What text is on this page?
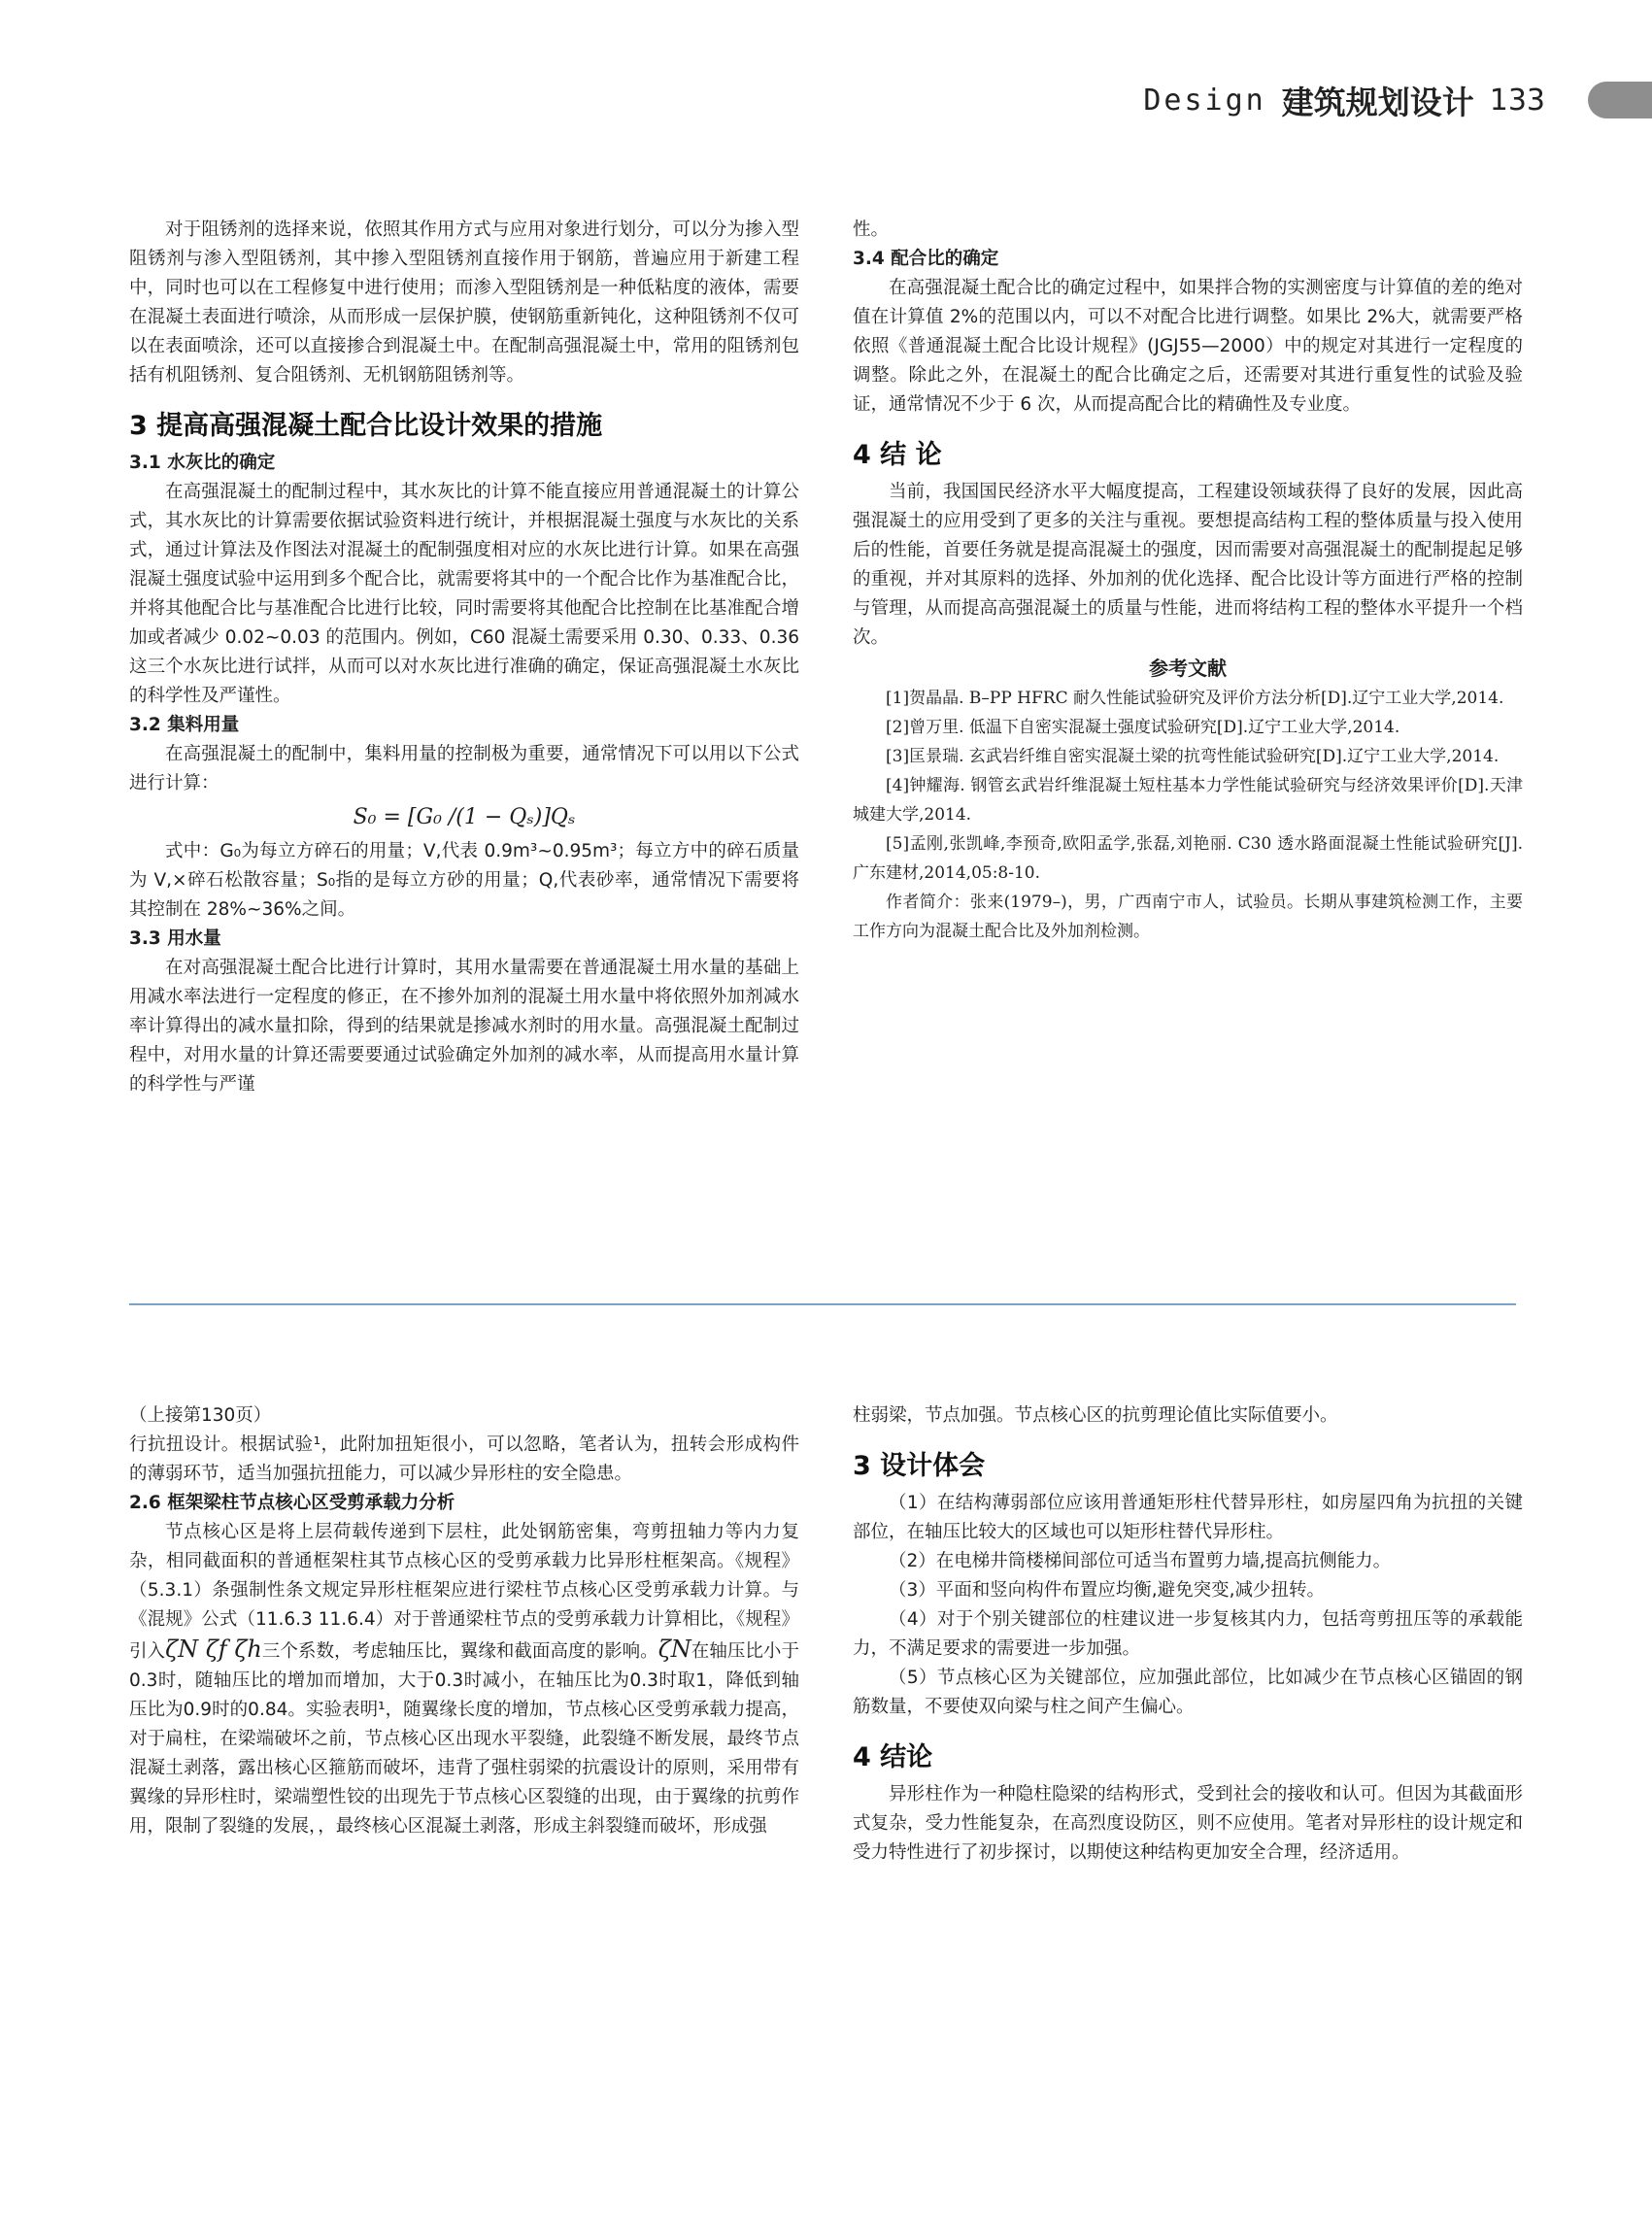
Design 建筑规划设计 133

对于阻锈剂的选择来说，依照其作用方式与应用对象进行划分，可以分为掺入型阻锈剂与渗入型阻锈剂，其中掺入型阻锈剂直接作用于钢筋，普遍应用于新建工程中，同时也可以在工程修复中进行使用；而渗入型阻锈剂是一种低粘度的液体，需要在混凝土表面进行喷涂，从而形成一层保护膜，使钢筋重新钝化，这种阻锈剂不仅可以在表面喷涂，还可以直接掺合到混凝土中。在配制高强混凝土中，常用的阻锈剂包括有机阻锈剂、复合阻锈剂、无机钢筋阻锈剂等。

3 提高高强混凝土配合比设计效果的措施
3.1 水灰比的确定

在高强混凝土的配制过程中，其水灰比的计算不能直接应用普通混凝土的计算公式，其水灰比的计算需要依据试验资料进行统计，并根据混凝土强度与水灰比的关系式，通过计算法及作图法对混凝土的配制强度相对应的水灰比进行计算。如果在高强混凝土强度试验中运用到多个配合比，就需要将其中的一个配合比作为基准配合比，并将其他配合比与基准配合比进行比较，同时需要将其他配合比控制在比基准配合增加或者减少 0.02~0.03 的范围内。例如，C60 混凝土需要采用 0.30、0.33、0.36 这三个水灰比进行试拌，从而可以对水灰比进行准确的确定，保证高强混凝土水灰比的科学性及严谨性。

3.2 集料用量

在高强混凝土的配制中，集料用量的控制极为重要，通常情况下可以用以下公式进行计算：

S₀ = [G₀ /(1 − Qₛ)]Qₛ

式中：G₀为每立方碎石的用量；V,代表 0.9m³~0.95m³；每立方中的碎石质量为 V,×碎石松散容量；S₀指的是每立方砂的用量；Q,代表砂率，通常情况下需要将其控制在 28%~36%之间。

3.3 用水量

在对高强混凝土配合比进行计算时，其用水量需要在普通混凝土用水量的基础上用减水率法进行一定程度的修正，在不掺外加剂的混凝土用水量中将依照外加剂减水率计算得出的减水量扣除，得到的结果就是掺减水剂时的用水量。高强混凝土配制过程中，对用水量的计算还需要要通过试验确定外加剂的减水率，从而提高用水量计算的科学性与严谨

性。

3.4 配合比的确定

在高强混凝土配合比的确定过程中，如果拌合物的实测密度与计算值的差的绝对值在计算值 2%的范围以内，可以不对配合比进行调整。如果比 2%大，就需要严格依照《普通混凝土配合比设计规程》(JGJ55—2000）中的规定对其进行一定程度的调整。除此之外，在混凝土的配合比确定之后，还需要对其进行重复性的试验及验证，通常情况不少于 6 次，从而提高配合比的精确性及专业度。

4 结 论

当前，我国国民经济水平大幅度提高，工程建设领域获得了良好的发展，因此高强混凝土的应用受到了更多的关注与重视。要想提高结构工程的整体质量与投入使用后的性能，首要任务就是提高混凝土的强度，因而需要对高强混凝土的配制提起足够的重视，并对其原料的选择、外加剂的优化选择、配合比设计等方面进行严格的控制与管理，从而提高高强混凝土的质量与性能，进而将结构工程的整体水平提升一个档次。

参考文献

[1]贺晶晶. B–PP HFRC 耐久性能试验研究及评价方法分析[D].辽宁工业大学,2014.

[2]曾万里. 低温下自密实混凝土强度试验研究[D].辽宁工业大学,2014.

[3]匡景瑞. 玄武岩纤维自密实混凝土梁的抗弯性能试验研究[D].辽宁工业大学,2014.

[4]钟耀海. 钢管玄武岩纤维混凝土短柱基本力学性能试验研究与经济效果评价[D].天津城建大学,2014.

[5]孟刚,张凯峰,李预奇,欧阳孟学,张磊,刘艳丽. C30 透水路面混凝土性能试验研究[J]. 广东建材,2014,05:8-10.

作者简介：张来(1979–)，男，广西南宁市人，试验员。长期从事建筑检测工作，主要工作方向为混凝土配合比及外加剂检测。

（上接第130页）

行抗扭设计。根据试验¹，此附加扭矩很小，可以忽略，笔者认为，扭转会形成构件的薄弱环节，适当加强抗扭能力，可以减少异形柱的安全隐患。

2.6 框架梁柱节点核心区受剪承载力分析

节点核心区是将上层荷载传递到下层柱，此处钢筋密集，弯剪扭轴力等内力复杂，相同截面积的普通框架柱其节点核心区的受剪承载力比异形柱框架高。《规程》（5.3.1）条强制性条文规定异形柱框架应进行梁柱节点核心区受剪承载力计算。与《混规》公式（11.6.3 11.6.4）对于普通梁柱节点的受剪承载力计算相比，《规程》引入ζN ζf ζh三个系数，考虑轴压比，翼缘和截面高度的影响。ζN在轴压比小于0.3时，随轴压比的增加而增加，大于0.3时减小，在轴压比为0.3时取1，降低到轴压比为0.9时的0.84。实验表明¹，随翼缘长度的增加，节点核心区受剪承载力提高，对于扁柱，在梁端破坏之前，节点核心区出现水平裂缝，此裂缝不断发展，最终节点混凝土剥落，露出核心区箍筋而破坏，违背了强柱弱梁的抗震设计的原则，采用带有翼缘的异形柱时，梁端塑性铰的出现先于节点核心区裂缝的出现，由于翼缘的抗剪作用，限制了裂缝的发展，，最终核心区混凝土剥落，形成主斜裂缝而破坏，形成强

柱弱梁，节点加强。节点核心区的抗剪理论值比实际值要小。

3 设计体会

（1）在结构薄弱部位应该用普通矩形柱代替异形柱，如房屋四角为抗扭的关键部位，在轴压比较大的区域也可以矩形柱替代异形柱。

（2）在电梯井筒楼梯间部位可适当布置剪力墙,提高抗侧能力。

（3）平面和竖向构件布置应均衡,避免突变,减少扭转。

（4）对于个别关键部位的柱建议进一步复核其内力，包括弯剪扭压等的承载能力，不满足要求的需要进一步加强。

（5）节点核心区为关键部位，应加强此部位，比如减少在节点核心区锚固的钢筋数量，不要使双向梁与柱之间产生偏心。

4 结论

异形柱作为一种隐柱隐梁的结构形式，受到社会的接收和认可。但因为其截面形式复杂，受力性能复杂，在高烈度设防区，则不应使用。笔者对异形柱的设计规定和受力特性进行了初步探讨，以期使这种结构更加安全合理，经济适用。
